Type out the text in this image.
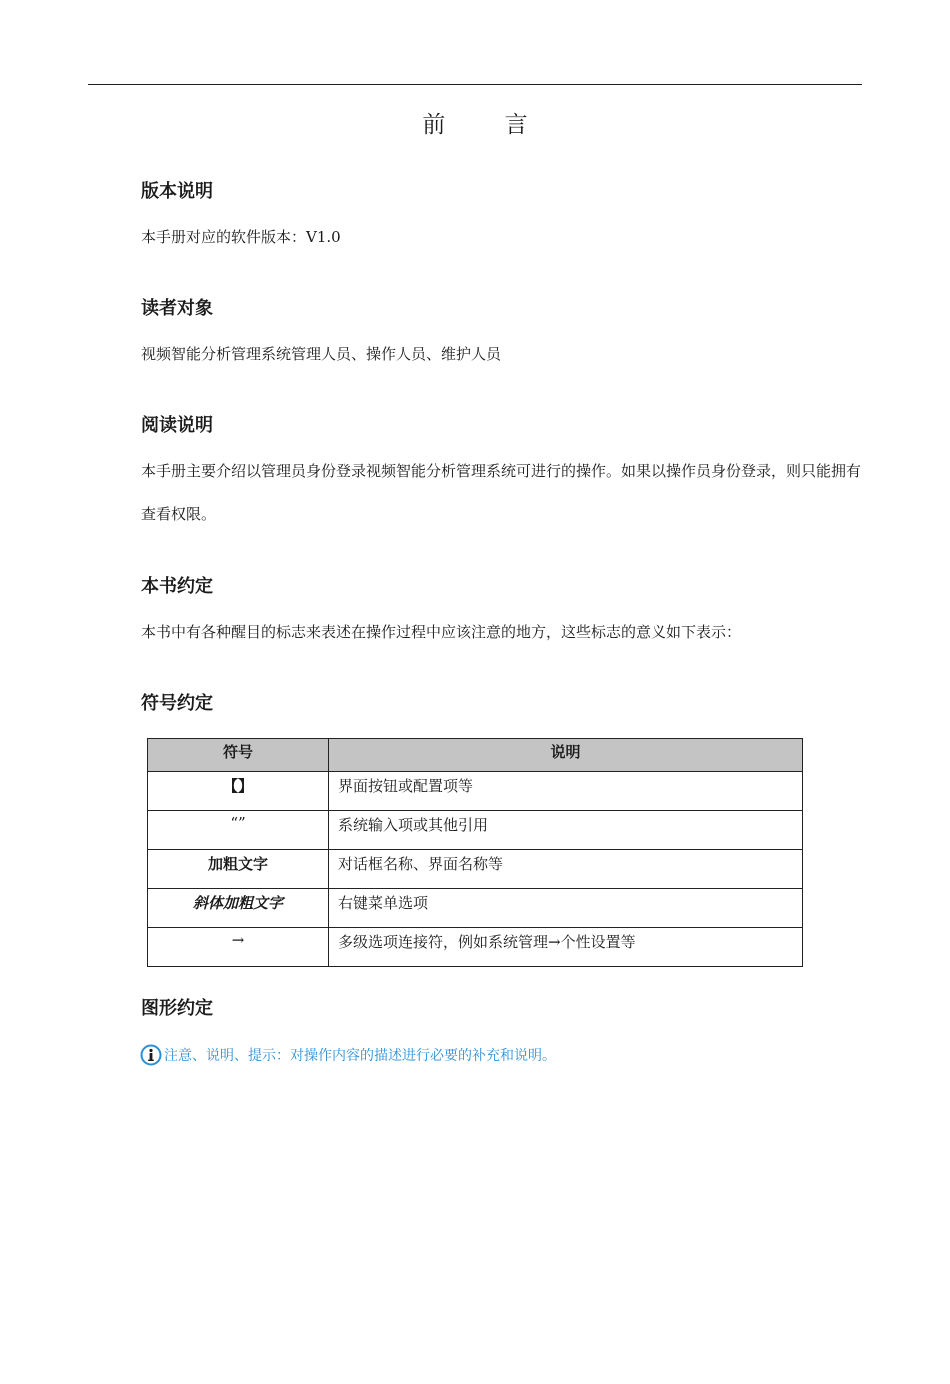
前 言
版本说明

本手册对应的软件版本：V1.0

读者对象

视频智能分析管理系统管理人员、操作人员、维护人员

阅读说明

本手册主要介绍以管理员身份登录视频智能分析管理系统可进行的操作。如果以操作员身份登录，则只能拥有查看权限。

本书约定

本书中有各种醒目的标志来表述在操作过程中应该注意的地方，这些标志的意义如下表示：

符号约定
符号	说明
【】	界面按钮或配置项等
“”	系统输入项或其他引用
加粗文字	对话框名称、界面名称等
斜体加粗文字	右键菜单选项
→	多级选项连接符，例如系统管理→个性设置等
图形约定
注意、说明、提示：对操作内容的描述进行必要的补充和说明。
